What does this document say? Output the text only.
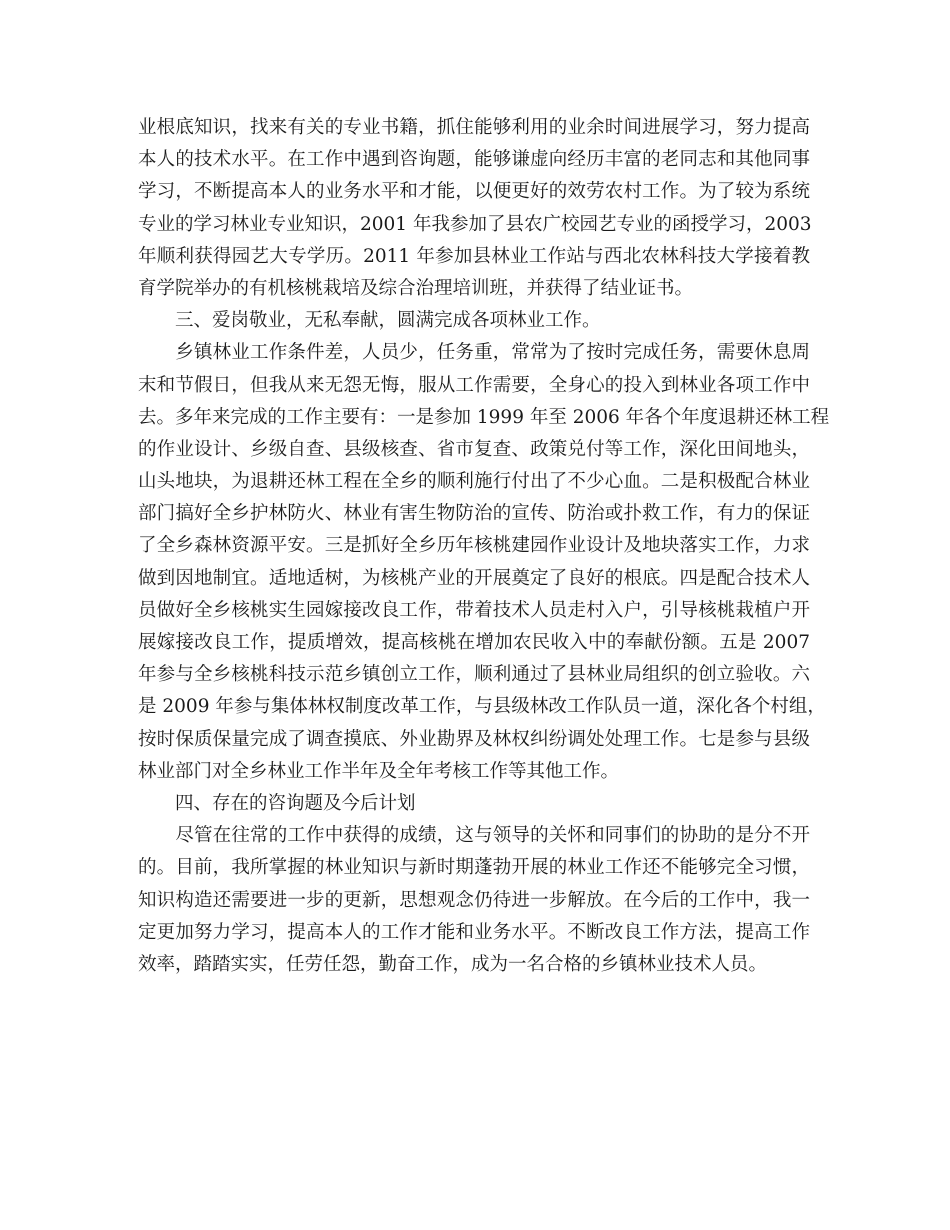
业根底知识，找来有关的专业书籍，抓住能够利用的业余时间进展学习，努力提高
本人的技术水平。在工作中遇到咨询题，能够谦虚向经历丰富的老同志和其他同事
学习，不断提高本人的业务水平和才能，以便更好的效劳农村工作。为了较为系统
专业的学习林业专业知识，2001 年我参加了县农广校园艺专业的函授学习，2003
年顺利获得园艺大专学历。2011 年参加县林业工作站与西北农林科技大学接着教
育学院举办的有机核桃栽培及综合治理培训班，并获得了结业证书。
　　三、爱岗敬业，无私奉献，圆满完成各项林业工作。
　　乡镇林业工作条件差，人员少，任务重，常常为了按时完成任务，需要休息周
末和节假日，但我从来无怨无悔，服从工作需要，全身心的投入到林业各项工作中
去。多年来完成的工作主要有：一是参加 1999 年至 2006 年各个年度退耕还林工程
的作业设计、乡级自查、县级核查、省市复查、政策兑付等工作，深化田间地头，
山头地块，为退耕还林工程在全乡的顺利施行付出了不少心血。二是积极配合林业
部门搞好全乡护林防火、林业有害生物防治的宣传、防治或扑救工作，有力的保证
了全乡森林资源平安。三是抓好全乡历年核桃建园作业设计及地块落实工作，力求
做到因地制宜。适地适树，为核桃产业的开展奠定了良好的根底。四是配合技术人
员做好全乡核桃实生园嫁接改良工作，带着技术人员走村入户，引导核桃栽植户开
展嫁接改良工作，提质增效，提高核桃在增加农民收入中的奉献份额。五是 2007
年参与全乡核桃科技示范乡镇创立工作，顺利通过了县林业局组织的创立验收。六
是 2009 年参与集体林权制度改革工作，与县级林改工作队员一道，深化各个村组，
按时保质保量完成了调查摸底、外业勘界及林权纠纷调处处理工作。七是参与县级
林业部门对全乡林业工作半年及全年考核工作等其他工作。
　　四、存在的咨询题及今后计划
　　尽管在往常的工作中获得的成绩，这与领导的关怀和同事们的协助的是分不开
的。目前，我所掌握的林业知识与新时期蓬勃开展的林业工作还不能够完全习惯，
知识构造还需要进一步的更新，思想观念仍待进一步解放。在今后的工作中，我一
定更加努力学习，提高本人的工作才能和业务水平。不断改良工作方法，提高工作
效率，踏踏实实，任劳任怨，勤奋工作，成为一名合格的乡镇林业技术人员。
